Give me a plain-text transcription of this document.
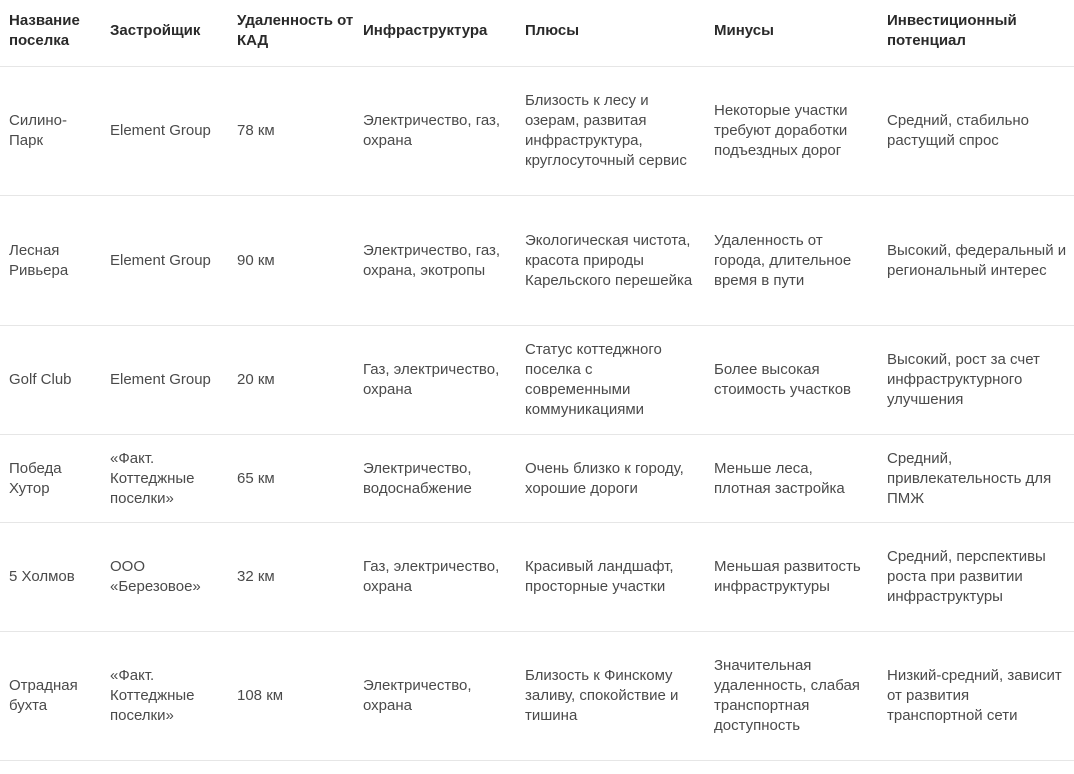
Название поселка	Застройщик	Удаленность от КАД	Инфраструктура	Плюсы	Минусы	Инвестиционный потенциал
Силино-Парк	Element Group	78 км	Электричество, газ, охрана	Близость к лесу и озерам, развитая инфраструктура, круглосуточный сервис	Некоторые участки требуют доработки подъездных дорог	Средний, стабильно растущий спрос
Лесная Ривьера	Element Group	90 км	Электричество, газ, охрана, экотропы	Экологическая чистота, красота природы Карельского перешейка	Удаленность от города, длительное время в пути	Высокий, федеральный и региональный интерес
Golf Club	Element Group	20 км	Газ, электричество, охрана	Статус коттеджного поселка с современными коммуникациями	Более высокая стоимость участков	Высокий, рост за счет инфраструктурного улучшения
Победа Хутор	«Факт. Коттеджные поселки»	65 км	Электричество, водоснабжение	Очень близко к городу, хорошие дороги	Меньше леса, плотная застройка	Средний, привлекательность для ПМЖ
5 Холмов	ООО «Березовое»	32 км	Газ, электричество, охрана	Красивый ландшафт, просторные участки	Меньшая развитость инфраструктуры	Средний, перспективы роста при развитии инфраструктуры
Отрадная бухта	«Факт. Коттеджные поселки»	108 км	Электричество, охрана	Близость к Финскому заливу, спокойствие и тишина	Значительная удаленность, слабая транспортная доступность	Низкий-средний, зависит от развития транспортной сети
